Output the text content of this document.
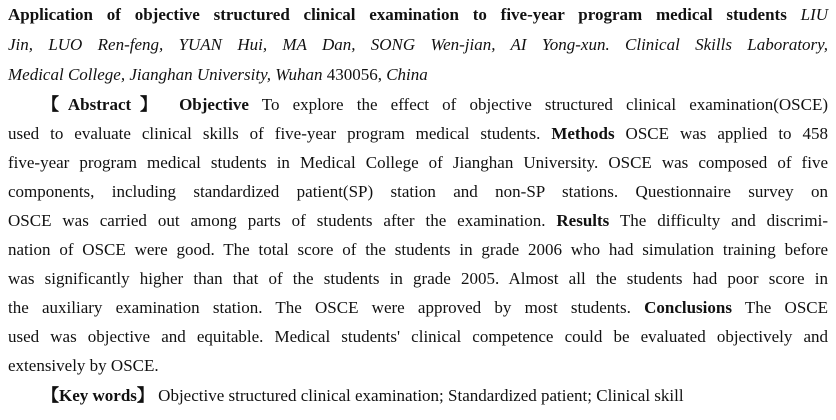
Application of objective structured clinical examination to five-year program medical students LIU
Jin, LUO Ren-feng, YUAN Hui, MA Dan, SONG Wen-jian, AI Yong-xun. Clinical Skills Laboratory,
Medical College, Jianghan University, Wuhan 430056, China
【Abstract】 Objective To explore the effect of objective structured clinical examination(OSCE)
used to evaluate clinical skills of five-year program medical students. Methods OSCE was applied to 458
five-year program medical students in Medical College of Jianghan University. OSCE was composed of five
components, including standardized patient(SP) station and non-SP stations. Questionnaire survey on
OSCE was carried out among parts of students after the examination. Results The difficulty and discrimi-
nation of OSCE were good. The total score of the students in grade 2006 who had simulation training before
was significantly higher than that of the students in grade 2005. Almost all the students had poor score in
the auxiliary examination station. The OSCE were approved by most students. Conclusions The OSCE
used was objective and equitable. Medical students' clinical competence could be evaluated objectively and
extensively by OSCE.
【Key words】 Objective structured clinical examination; Standardized patient; Clinical skill
